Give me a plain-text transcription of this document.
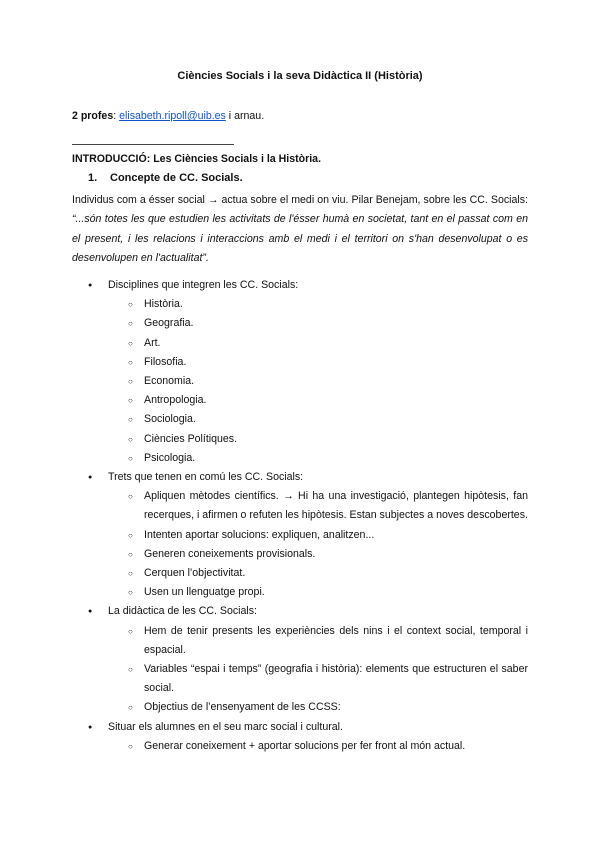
Ciències Socials i la seva Didàctica II (Història)
2 profes: elisabeth.ripoll@uib.es i arnau.
INTRODUCCIÓ: Les Ciències Socials i la Història.
1. Concepte de CC. Socials.
Individus com a ésser social → actua sobre el medi on viu. Pilar Benejam, sobre les CC. Socials: “...són totes les que estudien les activitats de l'ésser humà en societat, tant en el passat com en el present, i les relacions i interaccions amb el medi i el territori on s'han desenvolupat o es desenvolupen en l'actualitat”.
● Disciplines que integren les CC. Socials:
○ Història.
○ Geografia.
○ Art.
○ Filosofia.
○ Economia.
○ Antropologia.
○ Sociologia.
○ Ciències Polítiques.
○ Psicologia.
● Trets que tenen en comú les CC. Socials:
○ Apliquen mètodes científics. → Hi ha una investigació, plantegen hipòtesis, fan recerques, i afirmen o refuten les hipòtesis. Estan subjectes a noves descobertes.
○ Intenten aportar solucions: expliquen, analitzen...
○ Generen coneixements provisionals.
○ Cerquen l’objectivitat.
○ Usen un llenguatge propi.
● La didàctica de les CC. Socials:
○ Hem de tenir presents les experiències dels nins i el context social, temporal i espacial.
○ Variables “espai i temps” (geografia i història): elements que estructuren el saber social.
○ Objectius de l’ensenyament de les CCSS:
● Situar els alumnes en el seu marc social i cultural.
○ Generar coneixement + aportar solucions per fer front al món actual.
